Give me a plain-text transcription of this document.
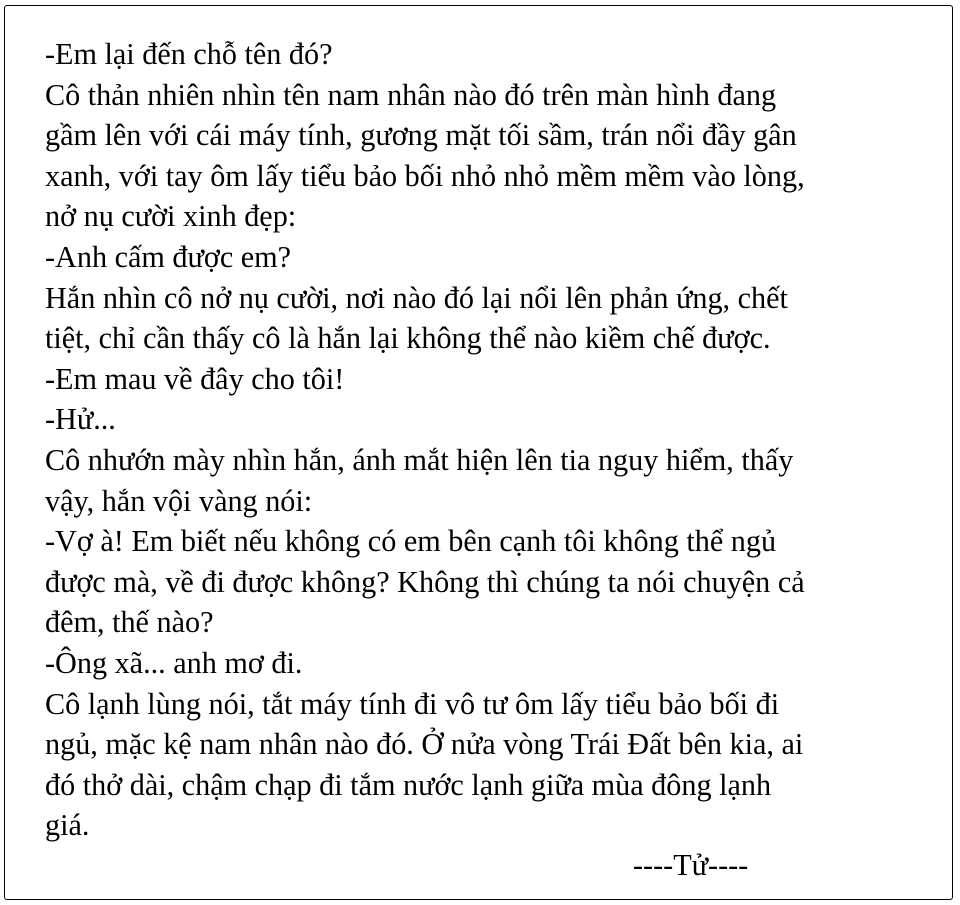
-Em lại đến chỗ tên đó?
Cô thản nhiên nhìn tên nam nhân nào đó trên màn hình đang
gầm lên với cái máy tính, gương mặt tối sầm, trán nổi đầy gân
xanh, với tay ôm lấy tiểu bảo bối nhỏ nhỏ mềm mềm vào lòng,
nở nụ cười xinh đẹp:
-Anh cấm được em?
Hắn nhìn cô nở nụ cười, nơi nào đó lại nổi lên phản ứng, chết
tiệt, chỉ cần thấy cô là hắn lại không thể nào kiềm chế được.
-Em mau về đây cho tôi!
-Hử...
Cô nhướn mày nhìn hắn, ánh mắt hiện lên tia nguy hiểm, thấy
vậy, hắn vội vàng nói:
-Vợ à! Em biết nếu không có em bên cạnh tôi không thể ngủ
được mà, về đi được không? Không thì chúng ta nói chuyện cả
đêm, thế nào?
-Ông xã... anh mơ đi.
Cô lạnh lùng nói, tắt máy tính đi vô tư ôm lấy tiểu bảo bối đi
ngủ, mặc kệ nam nhân nào đó. Ở nửa vòng Trái Đất bên kia, ai
đó thở dài, chậm chạp đi tắm nước lạnh giữa mùa đông lạnh
giá.
----Tử----
